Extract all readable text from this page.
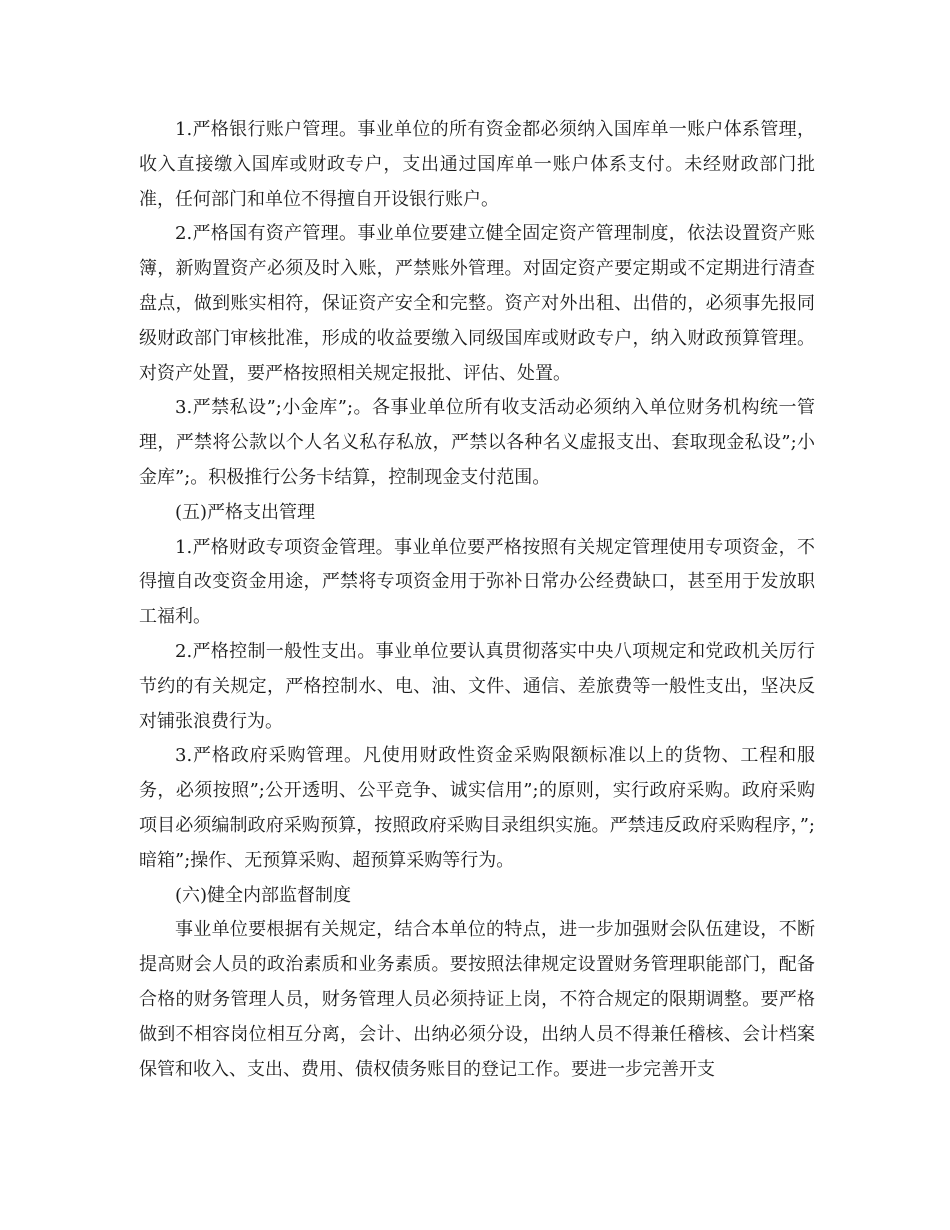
1.严格银行账户管理。事业单位的所有资金都必须纳入国库单一账户体系管理，收入直接缴入国库或财政专户，支出通过国库单一账户体系支付。未经财政部门批准，任何部门和单位不得擅自开设银行账户。

2.严格国有资产管理。事业单位要建立健全固定资产管理制度，依法设置资产账簿，新购置资产必须及时入账，严禁账外管理。对固定资产要定期或不定期进行清查盘点，做到账实相符，保证资产安全和完整。资产对外出租、出借的，必须事先报同级财政部门审核批准，形成的收益要缴入同级国库或财政专户，纳入财政预算管理。对资产处置，要严格按照相关规定报批、评估、处置。

3.严禁私设”;小金库”;。各事业单位所有收支活动必须纳入单位财务机构统一管理，严禁将公款以个人名义私存私放，严禁以各种名义虚报支出、套取现金私设”;小金库”;。积极推行公务卡结算，控制现金支付范围。

(五)严格支出管理

1.严格财政专项资金管理。事业单位要严格按照有关规定管理使用专项资金，不得擅自改变资金用途，严禁将专项资金用于弥补日常办公经费缺口，甚至用于发放职工福利。

2.严格控制一般性支出。事业单位要认真贯彻落实中央八项规定和党政机关厉行节约的有关规定，严格控制水、电、油、文件、通信、差旅费等一般性支出，坚决反对铺张浪费行为。

3.严格政府采购管理。凡使用财政性资金采购限额标准以上的货物、工程和服务，必须按照”;公开透明、公平竞争、诚实信用”;的原则，实行政府采购。政府采购项目必须编制政府采购预算，按照政府采购目录组织实施。严禁违反政府采购程序，”;暗箱”;操作、无预算采购、超预算采购等行为。

(六)健全内部监督制度

事业单位要根据有关规定，结合本单位的特点，进一步加强财会队伍建设，不断提高财会人员的政治素质和业务素质。要按照法律规定设置财务管理职能部门，配备合格的财务管理人员，财务管理人员必须持证上岗，不符合规定的限期调整。要严格做到不相容岗位相互分离，会计、出纳必须分设，出纳人员不得兼任稽核、会计档案保管和收入、支出、费用、债权债务账目的登记工作。要进一步完善开支
